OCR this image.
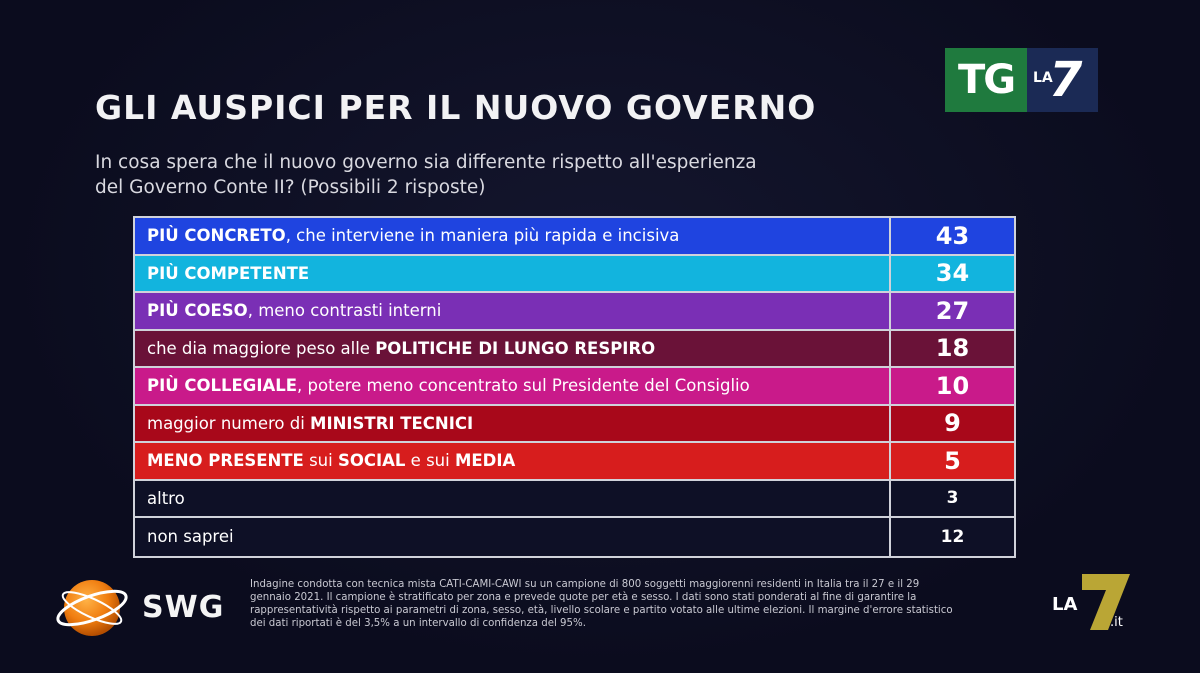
GLI AUSPICI PER IL NUOVO GOVERNO
In cosa spera che il nuovo governo sia differente rispetto all'esperienza
del Governo Conte II? (Possibili 2 risposte)
TG	LA
7
PIÙ CONCRETO , che interviene in maniera più rapida e incisiva	43
PIÙ COMPETENTE	34
PIÙ COESO , meno contrasti interni	27
che dia maggiore peso alle POLITICHE DI LUNGO RESPIRO	18
PIÙ COLLEGIALE , potere meno concentrato sul Presidente del Consiglio	10
maggior numero di MINISTRI TECNICI	9
MENO PRESENTE sui SOCIAL e sui MEDIA	5
altro	3
non saprei	12
SWG
Indagine condotta con tecnica mista CATI-CAMI-CAWI su un campione di 800 soggetti maggiorenni residenti in Italia tra il 27 e il 29
gennaio 2021. Il campione è stratificato per zona e prevede quote per età e sesso. I dati sono stati ponderati al fine di garantire la
rappresentatività rispetto ai parametri di zona, sesso, età, livello scolare e partito votato alle ultime elezioni. Il margine d'errore statistico
dei dati riportati è del 3,5% a un intervallo di confidenza del 95%.
LA
.it
